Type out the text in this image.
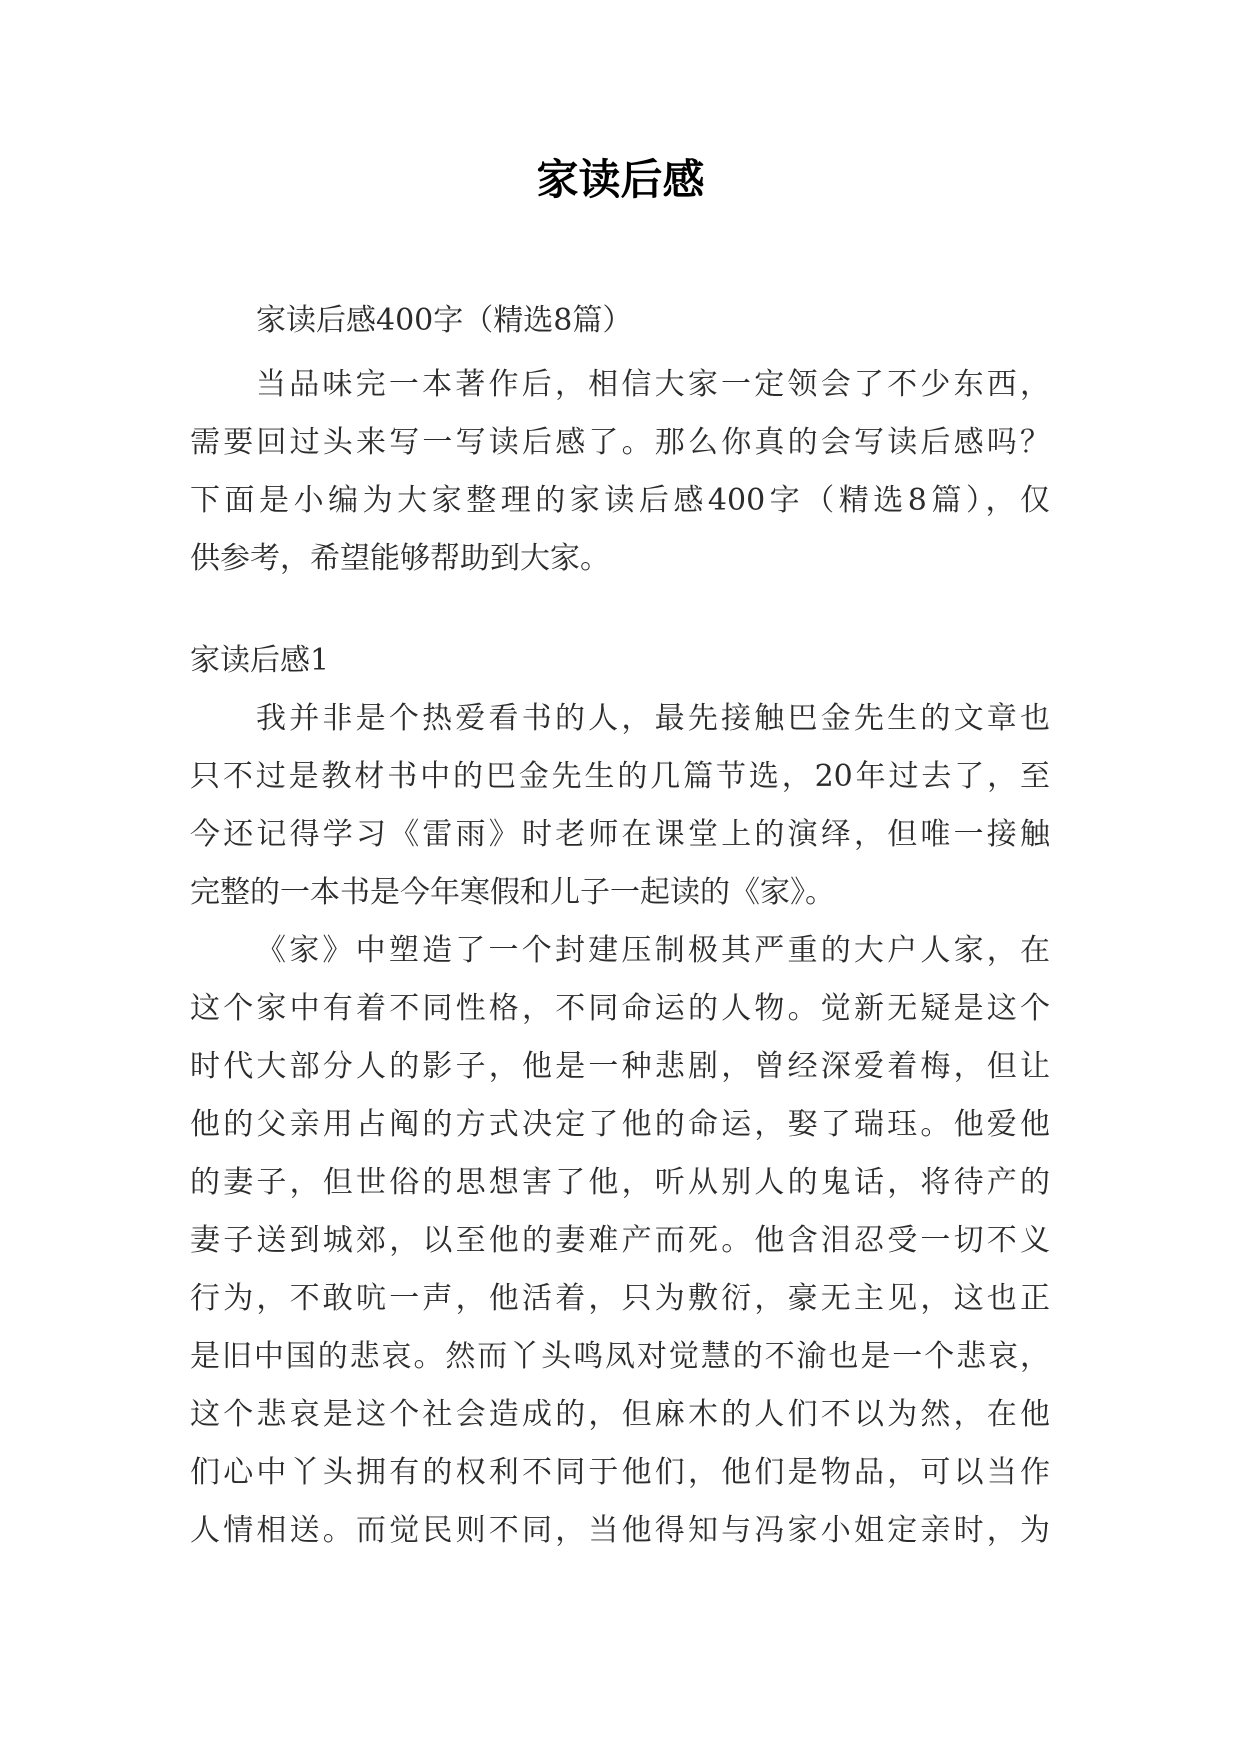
家读后感
家读后感400字（精选8篇）
当品味完一本著作后，相信大家一定领会了不少东西，
需要回过头来写一写读后感了。那么你真的会写读后感吗？
下面是小编为大家整理的家读后感400字（精选8篇），仅
供参考，希望能够帮助到大家。
家读后感1
我并非是个热爱看书的人，最先接触巴金先生的文章也
只不过是教材书中的巴金先生的几篇节选，20年过去了，至
今还记得学习《雷雨》时老师在课堂上的演绎，但唯一接触
完整的一本书是今年寒假和儿子一起读的《家》。
《家》中塑造了一个封建压制极其严重的大户人家，在
这个家中有着不同性格，不同命运的人物。觉新无疑是这个
时代大部分人的影子，他是一种悲剧，曾经深爱着梅，但让
他的父亲用占阄的方式决定了他的命运，娶了瑞珏。他爱他
的妻子，但世俗的思想害了他，听从别人的鬼话，将待产的
妻子送到城郊，以至他的妻难产而死。他含泪忍受一切不义
行为，不敢吭一声，他活着，只为敷衍，豪无主见，这也正
是旧中国的悲哀。然而丫头鸣凤对觉慧的不渝也是一个悲哀，
这个悲哀是这个社会造成的，但麻木的人们不以为然，在他
们心中丫头拥有的权利不同于他们，他们是物品，可以当作
人情相送。而觉民则不同，当他得知与冯家小姐定亲时，为
